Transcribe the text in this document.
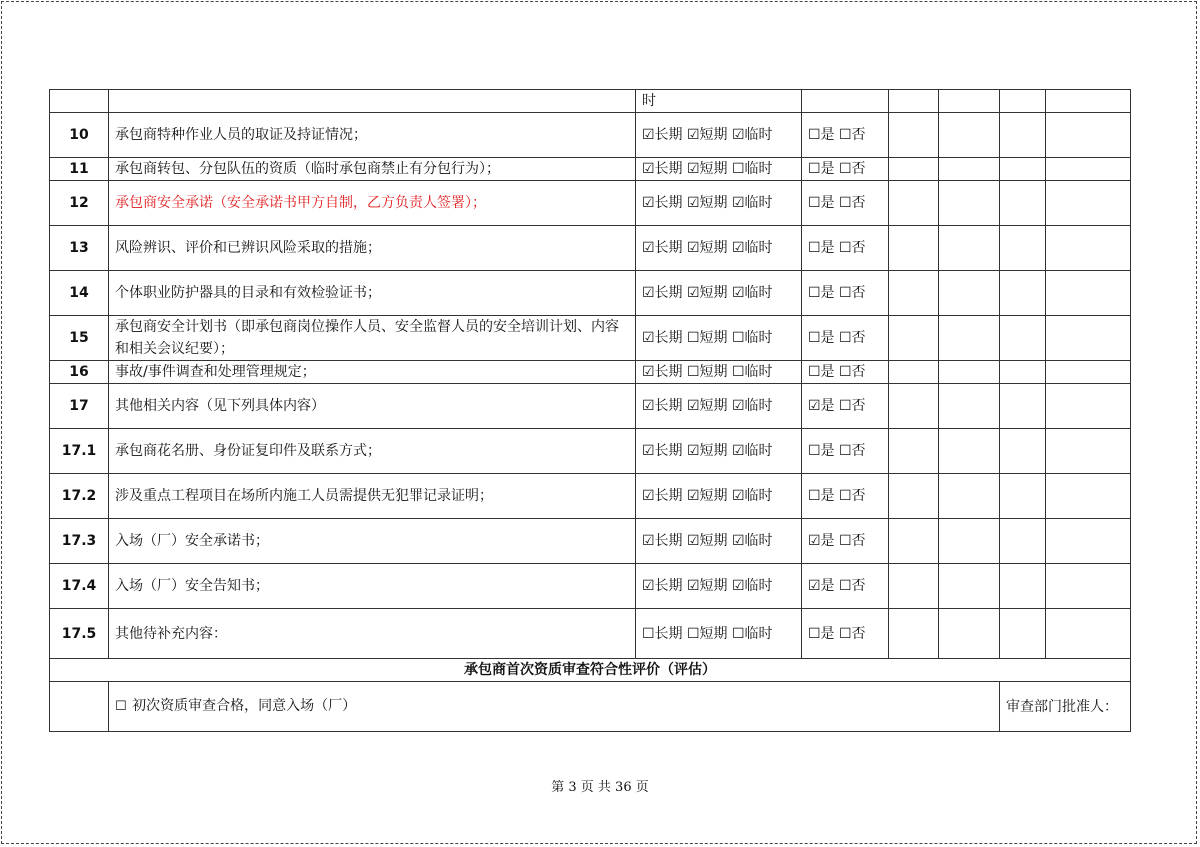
		时					
10	承包商特种作业人员的取证及持证情况；	☑长期 ☑短期 ☑临时	☐是 ☐否				
11	承包商转包、分包队伍的资质（临时承包商禁止有分包行为）；	☑长期 ☑短期 ☐临时	☐是 ☐否				
12	承包商安全承诺（安全承诺书甲方自制，乙方负责人签署）；	☑长期 ☑短期 ☑临时	☐是 ☐否				
13	风险辨识、评价和已辨识风险采取的措施；	☑长期 ☑短期 ☑临时	☐是 ☐否				
14	个体职业防护器具的目录和有效检验证书；	☑长期 ☑短期 ☑临时	☐是 ☐否				
15	承包商安全计划书（即承包商岗位操作人员、安全监督人员的安全培训计划、内容和相关会议纪要）；	☑长期 ☐短期 ☐临时	☐是 ☐否				
16	事故/事件调查和处理管理规定；	☑长期 ☐短期 ☐临时	☐是 ☐否				
17	其他相关内容（见下列具体内容）	☑长期 ☑短期 ☑临时	☑是 ☐否				
17.1	承包商花名册、身份证复印件及联系方式；	☑长期 ☑短期 ☑临时	☐是 ☐否				
17.2	涉及重点工程项目在场所内施工人员需提供无犯罪记录证明；	☑长期 ☑短期 ☑临时	☐是 ☐否				
17.3	入场（厂）安全承诺书；	☑长期 ☑短期 ☑临时	☑是 ☐否				
17.4	入场（厂）安全告知书；	☑长期 ☑短期 ☑临时	☑是 ☐否				
17.5	其他待补充内容：	☐长期 ☐短期 ☐临时	☐是 ☐否				
承包商首次资质审查符合性评价（评估）							
	☐ 初次资质审查合格，同意入场（厂）					审查部门批准人：	
第 3 页 共 36 页
